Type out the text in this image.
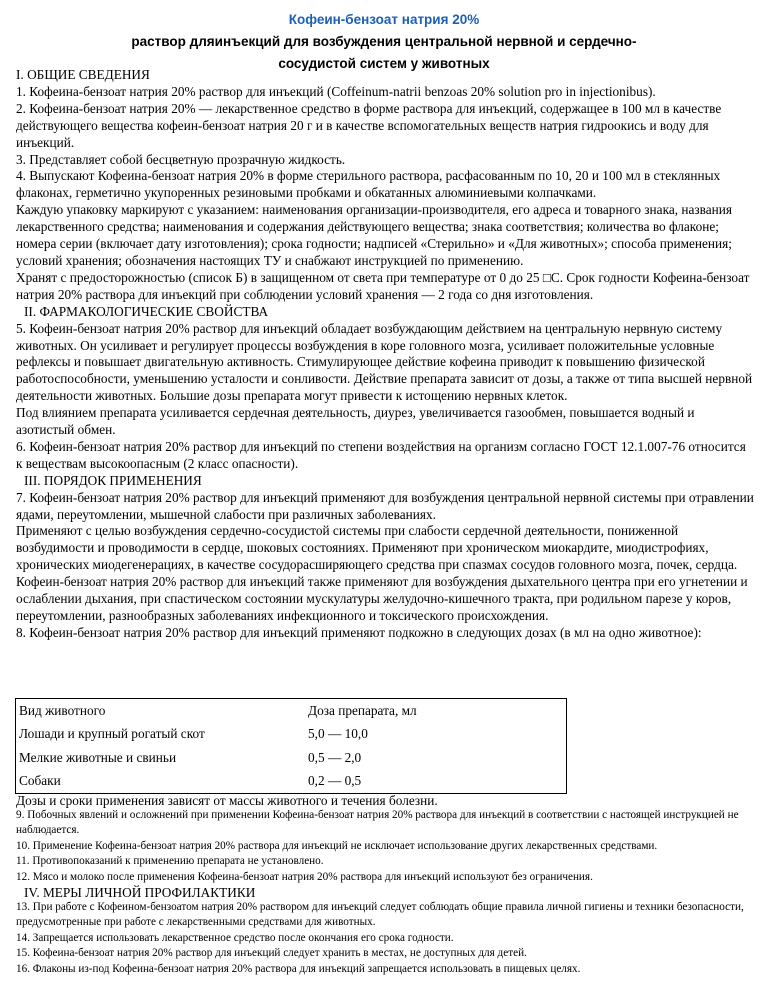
Кофеин-бензоат натрия 20%
раствор дляинъекций для возбуждения центральной нервной и сердечно-
сосудистой систем у животных

I. ОБЩИЕ СВЕДЕНИЯ

1. Кофеина-бензоат натрия 20% раствор для инъекций (Coffeinum-natrii benzoas 20% solution pro in injectionibus).

2. Кофеина-бензоат натрия 20% — лекарственное средство в форме раствора для инъекций, содержащее в 100 мл в качестве действующего вещества кофеин-бензоат натрия 20 г и в качестве вспомогательных веществ натрия гидроокись и воду для инъекций.

3. Представляет собой бесцветную прозрачную жидкость.

4. Выпускают Кофеина-бензоат натрия 20% в форме стерильного раствора, расфасованным по 10, 20 и 100 мл в стеклянных флаконах, герметично укупоренных резиновыми пробками и обкатанных алюминиевыми колпачками.

Каждую упаковку маркируют с указанием: наименования организации-производителя, его адреса и товарного знака, названия лекарственного средства; наименования и содержания действующего вещества; знака соответствия; количества во флаконе; номера серии (включает дату изготовления); срока годности; надписей «Стерильно» и «Для животных»; способа применения; условий хранения; обозначения настоящих ТУ и снабжают инструкцией по применению.

Хранят с предосторожностью (список Б) в защищенном от света при температуре от 0 до 25 □С. Срок годности Кофеина-бензоат натрия 20% раствора для инъекций при соблюдении условий хранения — 2 года со дня изготовления.

II. ФАРМАКОЛОГИЧЕСКИЕ СВОЙСТВА

5. Кофеин-бензоат натрия 20% раствор для инъекций обладает возбуждающим действием на центральную нервную систему животных. Он усиливает и регулирует процессы возбуждения в коре головного мозга, усиливает положительные условные рефлексы и повышает двигательную активность. Стимулирующее действие кофеина приводит к повышению физической работоспособности, уменьшению усталости и сонливости. Действие препарата зависит от дозы, а также от типа высшей нервной деятельности животных. Большие дозы препарата могут привести к истощению нервных клеток.

Под влиянием препарата усиливается сердечная деятельность, диурез, увеличивается газообмен, повышается водный и азотистый обмен.

6. Кофеин-бензоат натрия 20% раствор для инъекций по степени воздействия на организм согласно ГОСТ 12.1.007-76 относится к веществам высокоопасным (2 класс опасности).

III. ПОРЯДОК ПРИМЕНЕНИЯ

7. Кофеин-бензоат натрия 20% раствор для инъекций применяют для возбуждения центральной нервной системы при отравлении ядами, переутомлении, мышечной слабости при различных заболеваниях.

Применяют с целью возбуждения сердечно-сосудистой системы при слабости сердечной деятельности, пониженной возбудимости и проводимости в сердце, шоковых состояниях. Применяют при хроническом миокардите, миодистрофиях, хронических миодегенерациях, в качестве сосудорасширяющего средства при спазмах сосудов головного мозга, почек, сердца.

Кофеин-бензоат натрия 20% раствор для инъекций также применяют для возбуждения дыхательного центра при его угнетении и ослаблении дыхания, при спастическом состоянии мускулатуры желудочно-кишечного тракта, при родильном парезе у коров, переутомлении, разнообразных заболеваниях инфекционного и токсического происхождения.

8. Кофеин-бензоат натрия 20% раствор для инъекций применяют подкожно в следующих дозах (в мл на одно животное):

Вид животного	Доза препарата, мл
Лошади и крупный рогатый скот	5,0 — 10,0
Мелкие животные и свиньи	0,5 — 2,0
Собаки	0,2 — 0,5
Дозы и сроки применения зависят от массы животного и течения болезни.

9. Побочных явлений и осложнений при применении Кофеина-бензоат натрия 20% раствора для инъекций в соответствии с настоящей инструкцией не наблюдается.

10. Применение Кофеина-бензоат натрия 20% раствора для инъекций не исключает использование других лекарственных средствами.

11. Противопоказаний к применению препарата не установлено.

12. Мясо и молоко после применения Кофеина-бензоат натрия 20% раствора для инъекций используют без ограничения.

IV. МЕРЫ ЛИЧНОЙ ПРОФИЛАКТИКИ

13. При работе с Кофеином-бензоатом натрия 20% раствором для инъекций следует соблюдать общие правила личной гигиены и техники безопасности, предусмотренные при работе с лекарственными средствами для животных.

14. Запрещается использовать лекарственное средство после окончания его срока годности.

15. Кофеина-бензоат натрия 20% раствор для инъекций следует хранить в местах, не доступных для детей.

16. Флаконы из-под Кофеина-бензоат натрия 20% раствора для инъекций запрещается использовать в пищевых целях.
